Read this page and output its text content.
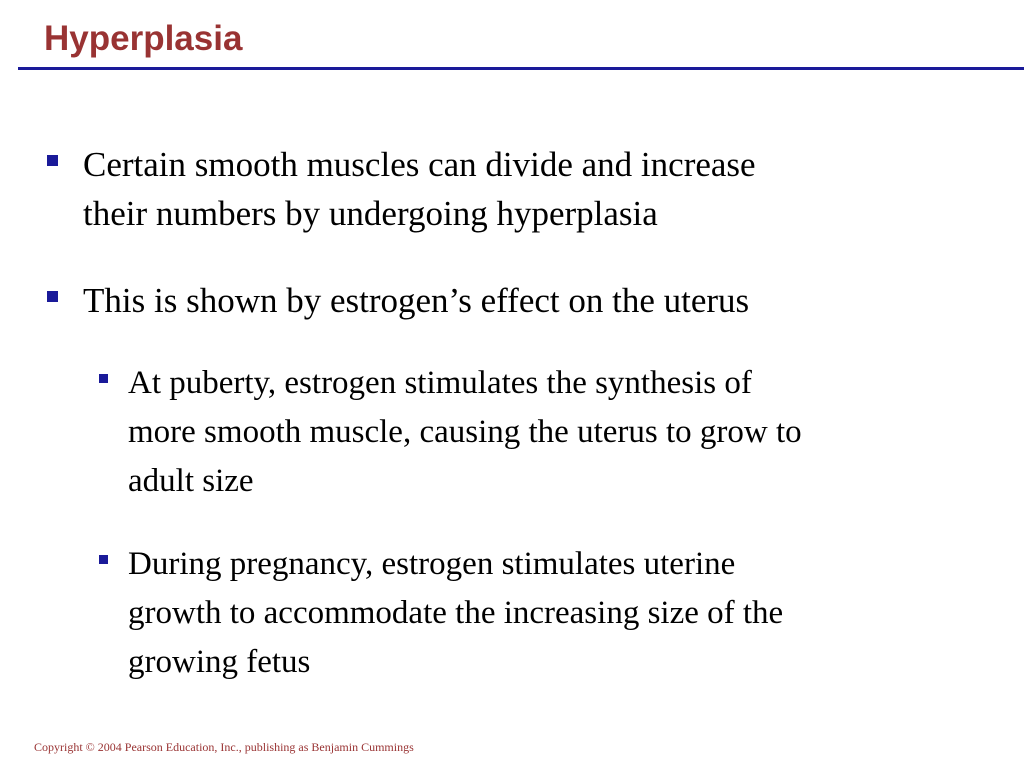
Hyperplasia

Certain smooth muscles can divide and increase
their numbers by undergoing hyperplasia

This is shown by estrogen’s effect on the uterus

At puberty, estrogen stimulates the synthesis of
more smooth muscle, causing the uterus to grow to
adult size

During pregnancy, estrogen stimulates uterine
growth to accommodate the increasing size of the
growing fetus

Copyright © 2004 Pearson Education, Inc., publishing as Benjamin Cummings
